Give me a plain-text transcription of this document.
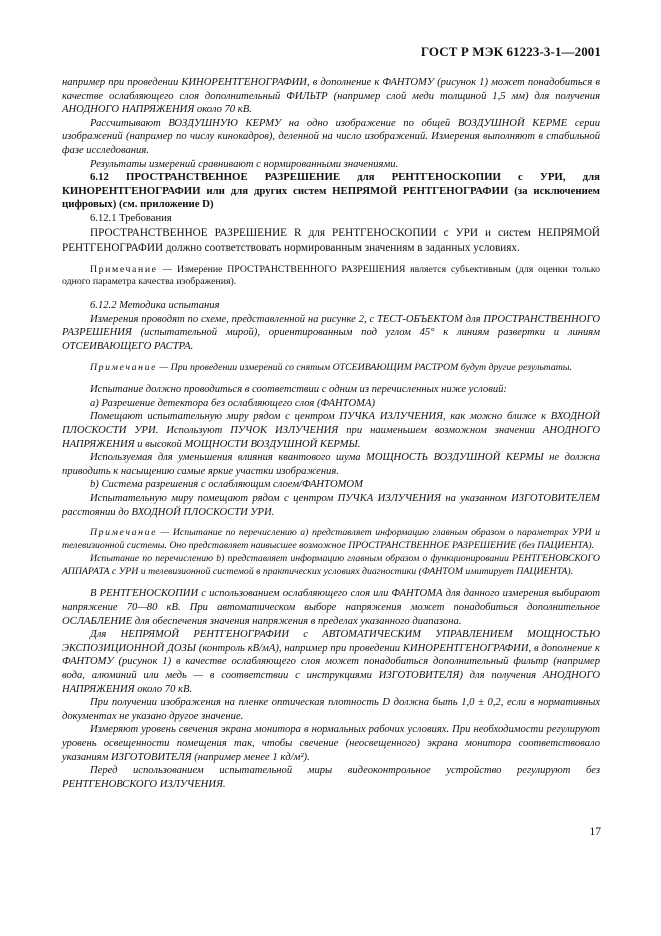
ГОСТ Р МЭК 61223-3-1—2001

например при проведении КИНОРЕНТГЕНОГРАФИИ, в дополнение к ФАНТОМУ (рисунок 1) может понадобиться в качестве ослабляющего слоя дополнительный ФИЛЬТР (например слой меди толщиной 1,5 мм) для получения АНОДНОГО НАПРЯЖЕНИЯ около 70 кВ.

Рассчитывают ВОЗДУШНУЮ КЕРМУ на одно изображение по общей ВОЗДУШНОЙ КЕРМЕ серии изображений (например по числу кинокадров), деленной на число изображений. Измерения выполняют в стабильной фазе исследования.

Результаты измерений сравнивают с нормированными значениями.

6.12 ПРОСТРАНСТВЕННОЕ РАЗРЕШЕНИЕ для РЕНТГЕНОСКОПИИ с УРИ, для КИНОРЕНТГЕНОГРАФИИ или для других систем НЕПРЯМОЙ РЕНТГЕНОГРАФИИ (за исключением цифровых) (см. приложение D)

6.12.1 Требования

ПРОСТРАНСТВЕННОЕ РАЗРЕШЕНИЕ R для РЕНТГЕНОСКОПИИ с УРИ и систем НЕПРЯМОЙ РЕНТГЕНОГРАФИИ должно соответствовать нормированным значениям в заданных условиях.

Примечание — Измерение ПРОСТРАНСТВЕННОГО РАЗРЕШЕНИЯ является субъективным (для оценки только одного параметра качества изображения).

6.12.2 Методика испытания

Измерения проводят по схеме, представленной на рисунке 2, с ТЕСТ-ОБЪЕКТОМ для ПРОСТРАНСТВЕННОГО РАЗРЕШЕНИЯ (испытательной мирой), ориентированным под углом 45° к линиям развертки и линиям ОТСЕИВАЮЩЕГО РАСТРА.

Примечание — При проведении измерений со снятым ОТСЕИВАЮЩИМ РАСТРОМ будут другие результаты.

Испытание должно проводиться в соответствии с одним из перечисленных ниже условий:

a) Разрешение детектора без ослабляющего слоя (ФАНТОМА)

Помещают испытательную миру рядом с центром ПУЧКА ИЗЛУЧЕНИЯ, как можно ближе к ВХОДНОЙ ПЛОСКОСТИ УРИ. Используют ПУЧОК ИЗЛУЧЕНИЯ при наименьшем возможном значении АНОДНОГО НАПРЯЖЕНИЯ и высокой МОЩНОСТИ ВОЗДУШНОЙ КЕРМЫ.

Используемая для уменьшения влияния квантового шума МОЩНОСТЬ ВОЗДУШНОЙ КЕРМЫ не должна приводить к насыщению самые яркие участки изображения.

b) Система разрешения с ослабляющим слоем/ФАНТОМОМ

Испытательную миру помещают рядом с центром ПУЧКА ИЗЛУЧЕНИЯ на указанном ИЗГОТОВИТЕЛЕМ расстоянии до ВХОДНОЙ ПЛОСКОСТИ УРИ.

Примечание — Испытание по перечислению a) представляет информацию главным образом о параметрах УРИ и телевизионной системы. Оно представляет наивысшее возможное ПРОСТРАНСТВЕННОЕ РАЗРЕШЕНИЕ (без ПАЦИЕНТА).

Испытание по перечислению b) представляет информацию главным образом о функционировании РЕНТГЕНОВСКОГО АППАРАТА с УРИ и телевизионной системой в практических условиях диагностики (ФАНТОМ имитирует ПАЦИЕНТА).

В РЕНТГЕНОСКОПИИ с использованием ослабляющего слоя или ФАНТОМА для данного измерения выбирают напряжение 70—80 кВ. При автоматическом выборе напряжения может понадобиться дополнительное ОСЛАБЛЕНИЕ для обеспечения значения напряжения в пределах указанного диапазона.

Для НЕПРЯМОЙ РЕНТГЕНОГРАФИИ с АВТОМАТИЧЕСКИМ УПРАВЛЕНИЕМ МОЩНОСТЬЮ ЭКСПОЗИЦИОННОЙ ДОЗЫ (контроль кВ/мА), например при проведении КИНОРЕНТГЕНОГРАФИИ, в дополнение к ФАНТОМУ (рисунок 1) в качестве ослабляющего слоя может понадобиться дополнительный фильтр (например вода, алюминий или медь — в соответствии с инструкциями ИЗГОТОВИТЕЛЯ) для получения АНОДНОГО НАПРЯЖЕНИЯ около 70 кВ.

При получении изображения на пленке оптическая плотность D должна быть 1,0 ± 0,2, если в нормативных документах не указано другое значение.

Измеряют уровень свечения экрана монитора в нормальных рабочих условиях. При необходимости регулируют уровень освещенности помещения так, чтобы свечение (неосвещенного) экрана монитора соответствовало указаниям ИЗГОТОВИТЕЛЯ (например менее 1 кд/м²).

Перед использованием испытательной миры видеоконтрольное устройство регулируют без РЕНТГЕНОВСКОГО ИЗЛУЧЕНИЯ.

17
